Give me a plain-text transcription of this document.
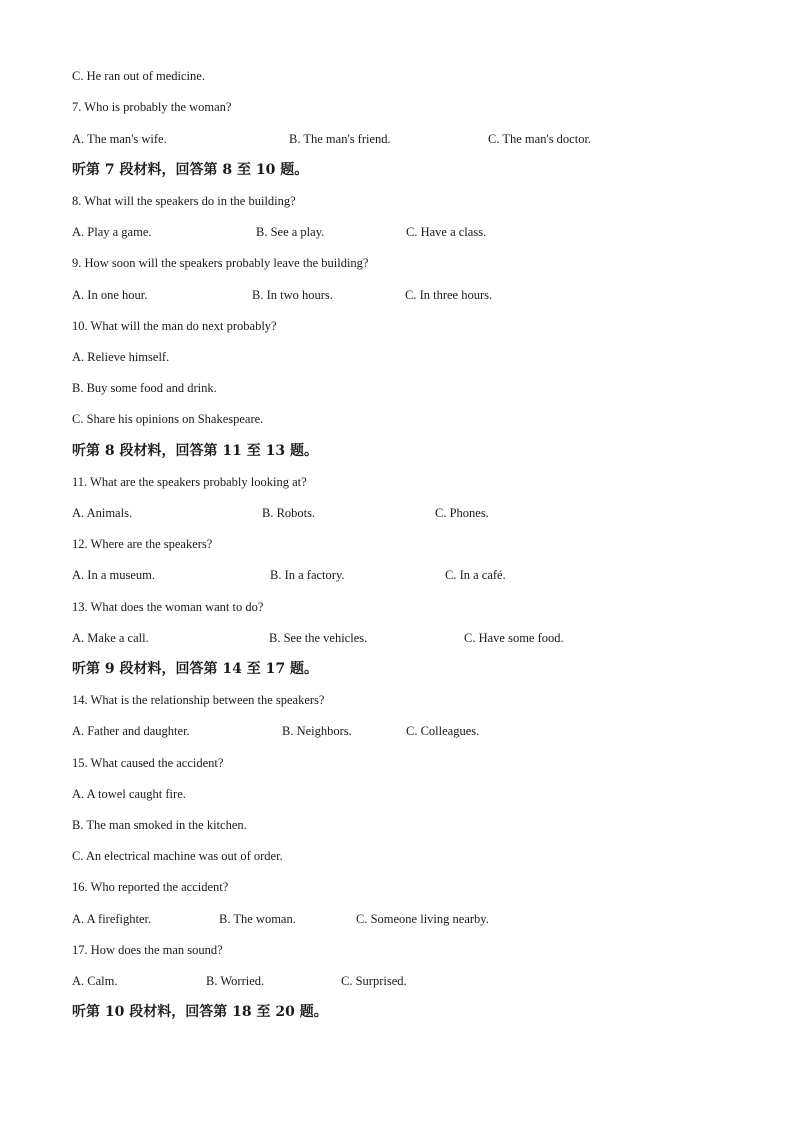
C. He ran out of medicine.
7. Who is probably the woman?
A. The man's wife.	B. The man's friend.	C. The man's doctor.
听第 7 段材料，回答第 8 至 10 题。
8. What will the speakers do in the building?
A. Play a game.	B. See a play.	C. Have a class.
9. How soon will the speakers probably leave the building?
A. In one hour.	B. In two hours.	C. In three hours.
10. What will the man do next probably?
A. Relieve himself.
B. Buy some food and drink.
C. Share his opinions on Shakespeare.
听第 8 段材料，回答第 11 至 13 题。
11. What are the speakers probably looking at?
A. Animals.	B. Robots.	C. Phones.
12. Where are the speakers?
A. In a museum.	B. In a factory.	C. In a café.
13. What does the woman want to do?
A. Make a call.	B. See the vehicles.	C. Have some food.
听第 9 段材料，回答第 14 至 17 题。
14. What is the relationship between the speakers?
A. Father and daughter.	B. Neighbors.	C. Colleagues.
15. What caused the accident?
A. A towel caught fire.
B. The man smoked in the kitchen.
C. An electrical machine was out of order.
16. Who reported the accident?
A. A firefighter.	B. The woman.	C. Someone living nearby.
17. How does the man sound?
A. Calm.	B. Worried.	C. Surprised.
听第 10 段材料，回答第 18 至 20 题。
